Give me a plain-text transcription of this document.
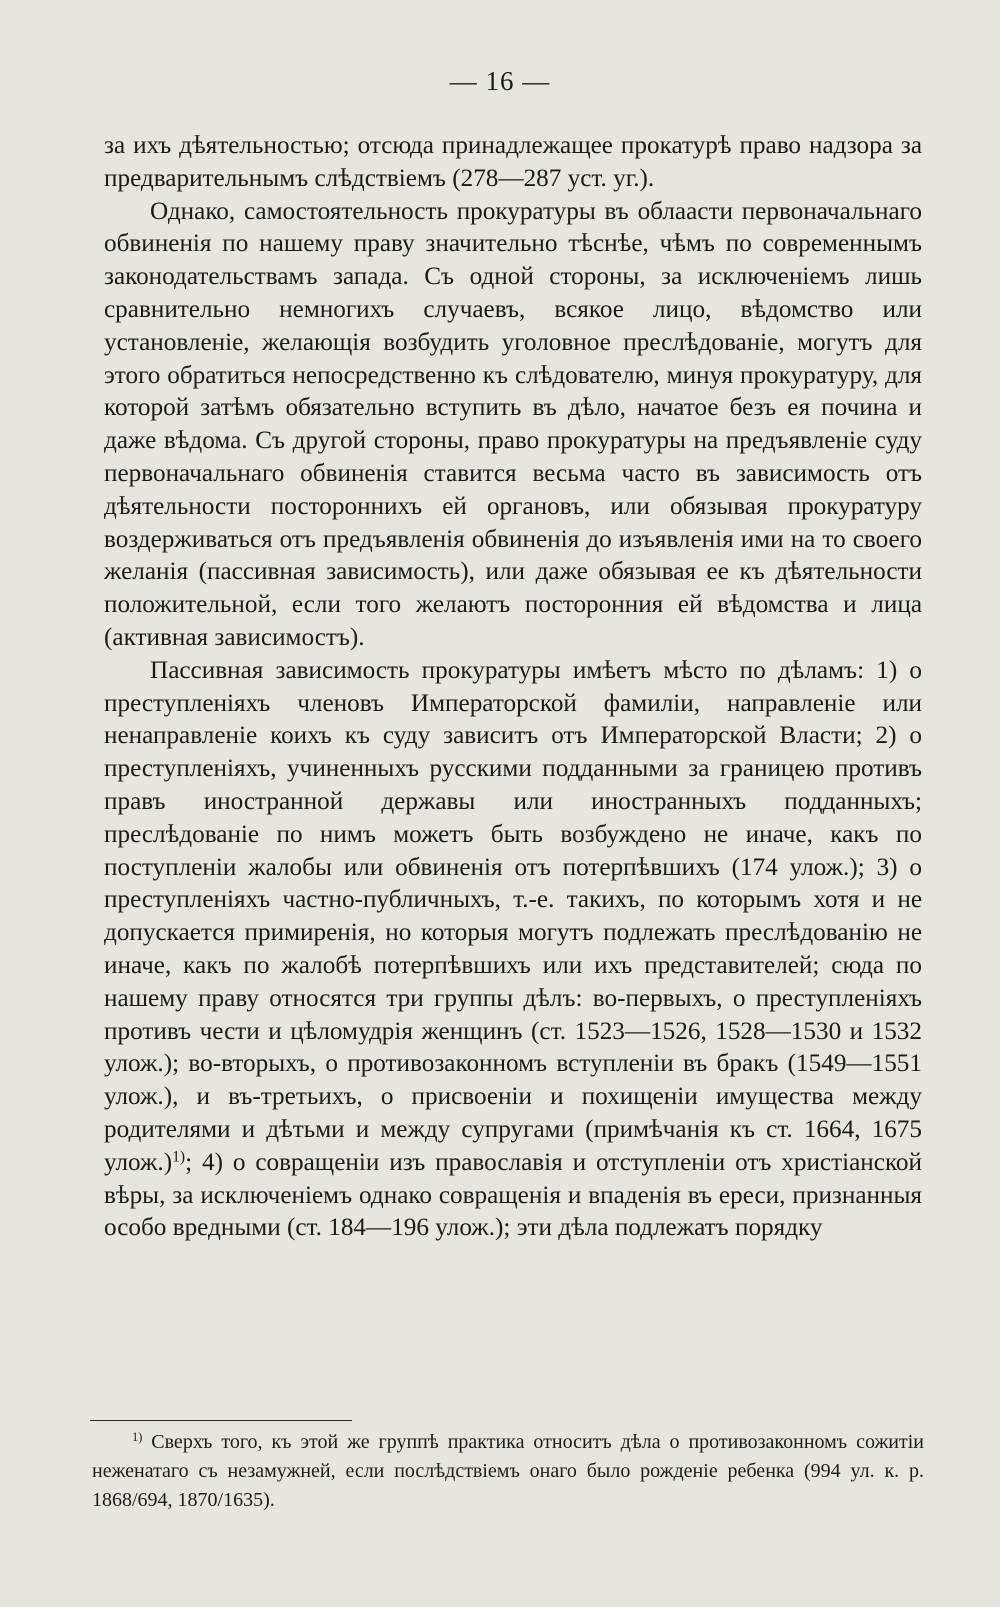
— 16 —

за ихъ дѣятельностью; отсюда принадлежащее прокатурѣ право надзора за предварительнымъ слѣдствіемъ (278—287 уст. уг.).

Однако, самостоятельность прокуратуры въ облаасти первоначальнаго обвиненія по нашему праву значительно тѣснѣе, чѣмъ по современнымъ законодательствамъ запада. Съ одной стороны, за исключеніемъ лишь сравнительно немногихъ случаевъ, всякое лицо, вѣдомство или установленіе, желающія возбудить уголовное преслѣдованіе, могутъ для этого обратиться непосредственно къ слѣдователю, минуя прокуратуру, для которой затѣмъ обязательно вступить въ дѣло, начатое безъ ея почина и даже вѣдома. Съ другой стороны, право прокуратуры на предъявленіе суду первоначальнаго обвиненія ставится весьма часто въ зависимость отъ дѣятельности постороннихъ ей органовъ, или обязывая прокуратуру воздерживаться отъ предъявленія обвиненія до изъявленія ими на то своего желанія (пассивная зависимость), или даже обязывая ее къ дѣятельности положительной, если того желаютъ посторонния ей вѣдомства и лица (активная зависимостъ).

Пассивная зависимость прокуратуры имѣетъ мѣсто по дѣламъ: 1) о преступленіяхъ членовъ Императорской фамиліи, направленіе или ненаправленіе коихъ къ суду зависитъ отъ Императорской Власти; 2) о преступленіяхъ, учиненныхъ русскими подданными за границею противъ правъ иностранной державы или иностранныхъ подданныхъ; преслѣдованіе по нимъ можетъ быть возбуждено не иначе, какъ по поступленіи жалобы или обвиненія отъ потерпѣвшихъ (174 улож.); 3) о преступленіяхъ частно-публичныхъ, т.-е. такихъ, по которымъ хотя и не допускается примиренія, но которыя могутъ подлежать преслѣдованію не иначе, какъ по жалобѣ потерпѣвшихъ или ихъ представителей; сюда по нашему праву относятся три группы дѣлъ: во-первыхъ, о преступленіяхъ противъ чести и цѣломудрія женщинъ (ст. 1523—1526, 1528—1530 и 1532 улож.); во-вторыхъ, о противозаконномъ вступленіи въ бракъ (1549—1551 улож.), и въ-третьихъ, о присвоеніи и похищеніи имущества между родителями и дѣтьми и между супругами (примѣчанія къ ст. 1664, 1675 улож.)$^{1)}$; 4) о совращеніи изъ православія и отступленіи отъ христіанской вѣры, за исключеніемъ однако совращенія и впаденія въ ереси, признанныя особо вредными (ст. 184—196 улож.); эти дѣла подлежатъ порядку

$^{1)}$ Сверхъ того, къ этой же группѣ практика относитъ дѣла о противозаконномъ сожитіи неженатаго съ незамужней, если послѣдствіемъ онаго было рожденіе ребенка (994 ул. к. р. 1868/694, 1870/1635).
